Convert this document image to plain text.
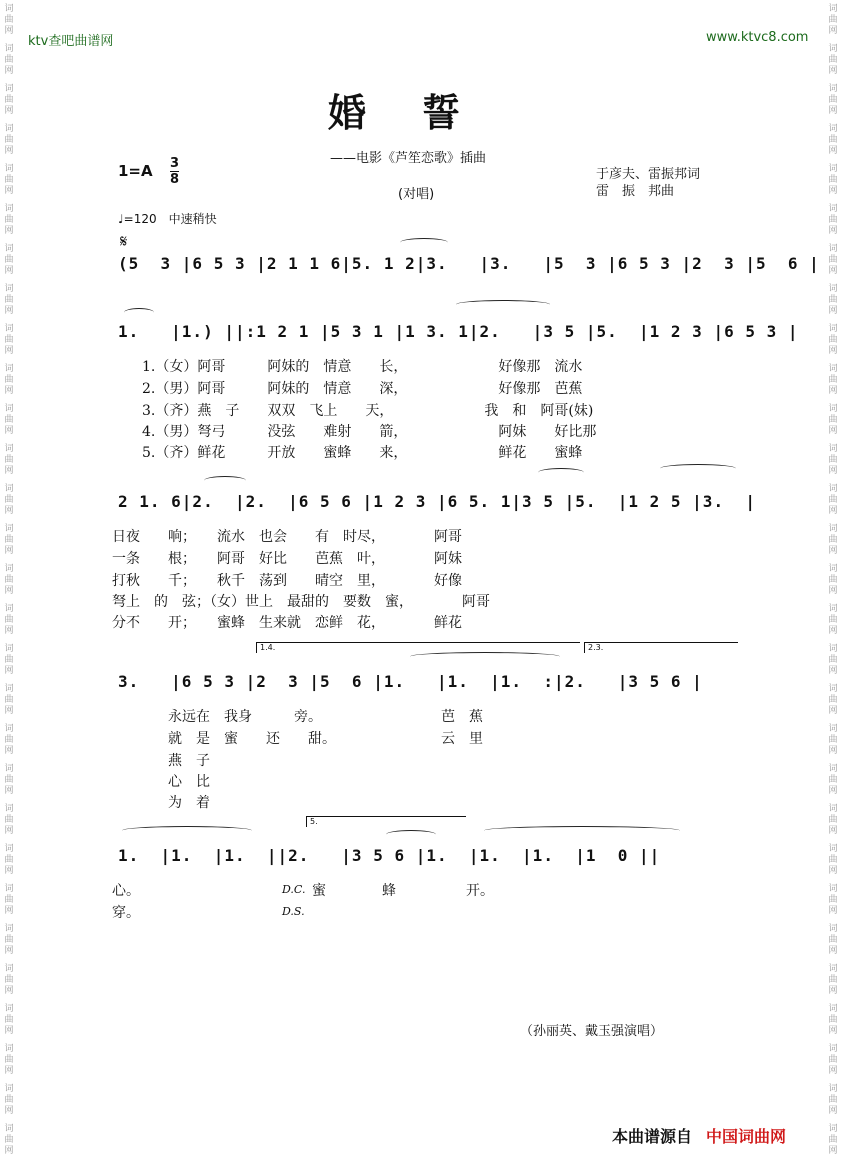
词
曲
网
词
曲
网
词
曲
网
词
曲
网
词
曲
网
词
曲
网
词
曲
网
词
曲
网
词
曲
网
词
曲
网
词
曲
网
词
曲
网
词
曲
网
词
曲
网
词
曲
网
词
曲
网
词
曲
网
词
曲
网
词
曲
网
词
曲
网
词
曲
网
词
曲
网
词
曲
网
词
曲
网
词
曲
网
词
曲
网
词
曲
网
词
曲
网
词
曲
网
词
曲
网
词
曲
网
词
曲
网
词
曲
网
词
曲
网
词
曲
网
词
曲
网
词
曲
网
词
曲
网
词
曲
网
词
曲
网
词
曲
网
词
曲
网
词
曲
网
词
曲
网
词
曲
网
词
曲
网
词
曲
网
词
曲
网
词
曲
网
词
曲
网
词
曲
网
词
曲
网
词
曲
网
词
曲
网
词
曲
网
词
曲
网
词
曲
网
词
曲
网
ktv查吧曲谱网	www.ktvc8.com
婚誓
——电影《芦笙恋歌》插曲
$1=A \frac{3}{8}$
(对唱)
于彦夫、雷振邦词
雷　振　邦曲
♩=120　中速稍快
𝄋
(5  3 |6 5 3 |2 1 1 6|5. 1 2|3.   |3.   |5  3 |6 5 3 |2  3 |5  6 |
1.   |1.) ||:1 2 1 |5 3 1 |1 3. 1|2.   |3 5 |5.  |1 2 3 |6 5 3 |
1.（女）阿哥　　　阿妹的　情意　　长，　　　　　　　好像那　流水
2.（男）阿哥　　　阿妹的　情意　　深，　　　　　　　好像那　芭蕉
3.（齐）燕　子　　双双　飞上　　天，　　　　　　　我　和　阿哥(妹)
4.（男）弩弓　　　没弦　　难射　　箭，　　　　　　　阿妹　　好比那
5.（齐）鲜花　　　开放　　蜜蜂　　来，　　　　　　　鲜花　　蜜蜂
2 1. 6|2.  |2.  |6 5 6 |1 2 3 |6 5. 1|3 5 |5.  |1 2 5 |3.  |
日夜　　响；　　流水　也会　　有　时尽，　　　　阿哥
一条　　根；　　阿哥　好比　　芭蕉　叶，　　　　阿妹
打秋　　千；　　秋千　荡到　　晴空　里，　　　　好像
弩上　的　弦；（女）世上　最甜的　要数　蜜，　　　　阿哥
分不　　开；　　蜜蜂　生来就　恋鲜　花，　　　　鲜花
1.4.	2.3.
3.   |6 5 3 |2  3 |5  6 |1.   |1.  |1.  :|2.   |3 5 6 |
永远在　我身　　　旁。　　　　　　　　　芭　蕉
就　是　蜜　　还　　甜。　　　　　　　　云　里
燕　子
心　比
为　着
5.
1.  |1.  |1.  ||2.   |3 5 6 |1.  |1.  |1.  |1  0 ||
心。
穿。
D.C.
D.S.
蜜　　　　蜂　　　　　开。
（孙丽英、戴玉强演唱）
本曲谱源自 中国词曲网
